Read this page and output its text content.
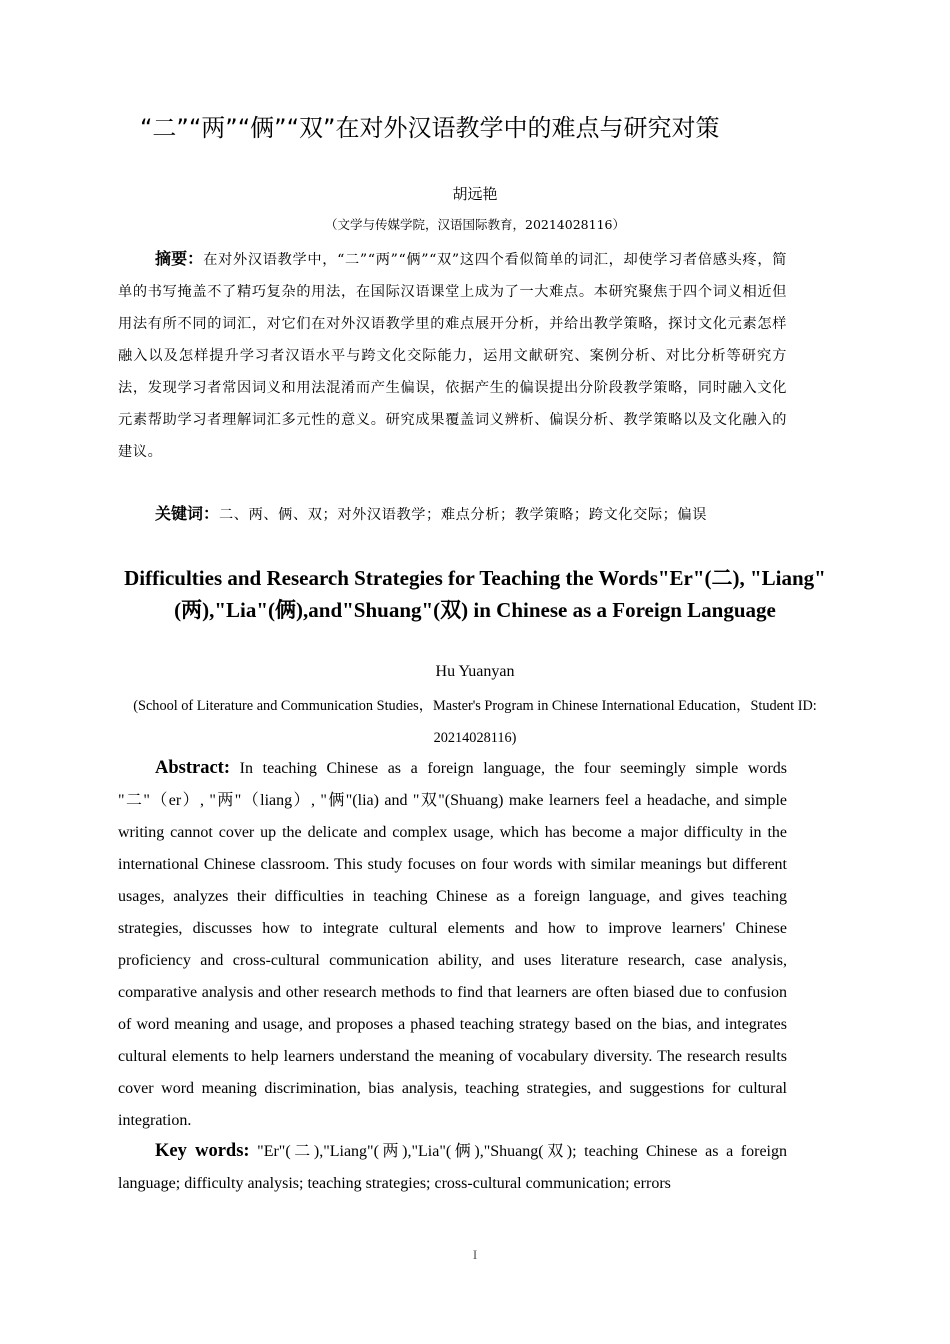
“二”“两”“俩”“双”在对外汉语教学中的难点与研究对策
胡远艳
（文学与传媒学院，汉语国际教育，20214028116）

摘要：在对外汉语教学中，“二”“两”“俩”“双”这四个看似简单的词汇，却使学习者倍感头疼，简单的书写掩盖不了精巧复杂的用法，在国际汉语课堂上成为了一大难点。本研究聚焦于四个词义相近但用法有所不同的词汇，对它们在对外汉语教学里的难点展开分析，并给出教学策略，探讨文化元素怎样融入以及怎样提升学习者汉语水平与跨文化交际能力，运用文献研究、案例分析、对比分析等研究方法，发现学习者常因词义和用法混淆而产生偏误，依据产生的偏误提出分阶段教学策略，同时融入文化元素帮助学习者理解词汇多元性的意义。研究成果覆盖词义辨析、偏误分析、教学策略以及文化融入的建议。

关键词：二、两、俩、双；对外汉语教学；难点分析；教学策略；跨文化交际；偏误

Difficulties and Research Strategies for Teaching the Words"Er"(二), "Liang"(两),"Lia"(俩),and"Shuang"(双) in Chinese as a Foreign Language
Hu Yuanyan
(School of Literature and Communication Studies，Master's Program in Chinese International Education，Student ID: 20214028116)

Abstract: In teaching Chinese as a foreign language, the four seemingly simple words "二"（er）, "两"（liang）, "俩"(lia) and "双"(Shuang) make learners feel a headache, and simple writing cannot cover up the delicate and complex usage, which has become a major difficulty in the international Chinese classroom. This study focuses on four words with similar meanings but different usages, analyzes their difficulties in teaching Chinese as a foreign language, and gives teaching strategies, discusses how to integrate cultural elements and how to improve learners' Chinese proficiency and cross-cultural communication ability, and uses literature research, case analysis, comparative analysis and other research methods to find that learners are often biased due to confusion of word meaning and usage, and proposes a phased teaching strategy based on the bias, and integrates cultural elements to help learners understand the meaning of vocabulary diversity. The research results cover word meaning discrimination, bias analysis, teaching strategies, and suggestions for cultural integration.

Key words: "Er"(二),"Liang"(两),"Lia"(俩),"Shuang(双); teaching Chinese as a foreign language; difficulty analysis; teaching strategies; cross-cultural communication; errors

I
